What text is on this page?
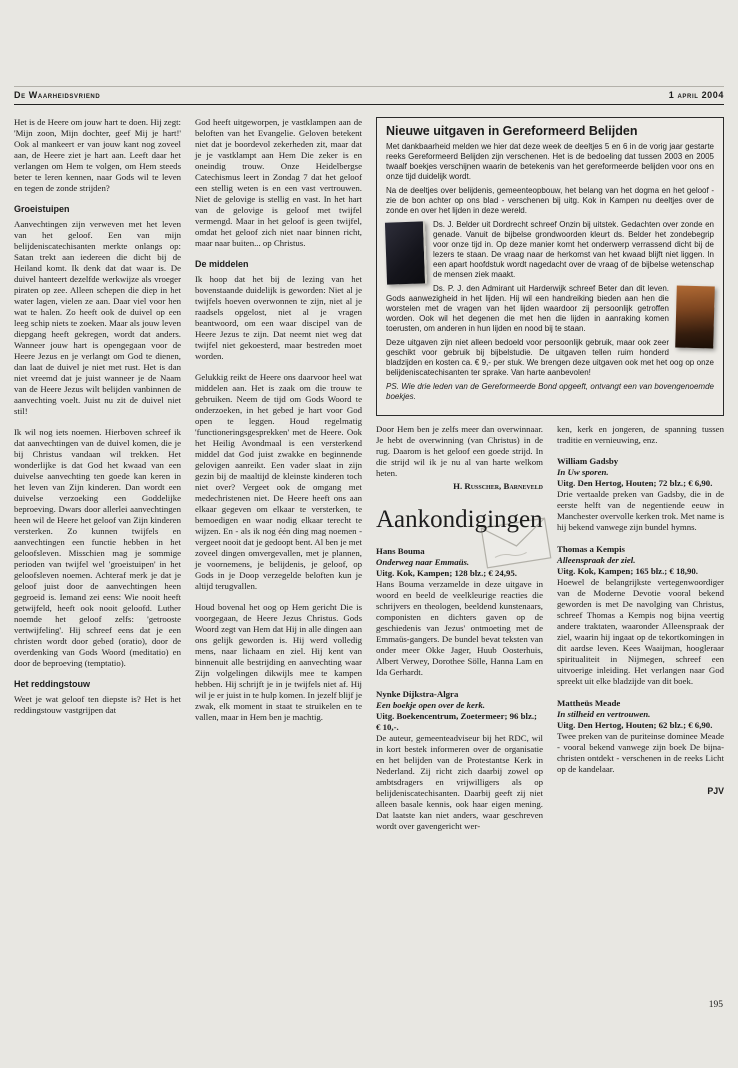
De Waarheidsvriend	1 april 2004

Het is de Heere om jouw hart te doen. Hij zegt: 'Mijn zoon, Mijn dochter, geef Mij je hart!' Ook al mankeert er van jouw kant nog zoveel aan, de Heere ziet je hart aan. Leeft daar het verlangen om Hem te volgen, om Hem steeds beter te leren kennen, naar Gods wil te leven en tegen de zonde strijden?

Groeistuipen

Aanvechtingen zijn verweven met het leven van het geloof. Een van mijn belijdeniscatechisanten merkte onlangs op: Satan trekt aan iedereen die dicht bij de Heiland komt. Ik denk dat dat waar is. De duivel hanteert dezelfde werkwijze als vroeger piraten op zee. Alleen schepen die diep in het water lagen, vielen ze aan. Daar viel voor hen wat te halen. Zo heeft ook de duivel op een leeg schip niets te zoeken. Maar als jouw leven diepgang heeft gekregen, wordt dat anders. Wanneer jouw hart is opengegaan voor de Heere Jezus en je verlangt om God te dienen, dan laat de duivel je niet met rust. Het is dan niet vreemd dat je juist wanneer je de Naam van de Heere Jezus wilt belijden vanbinnen de aanvechting voelt. Juist nu zit de duivel niet stil!

Ik wil nog iets noemen. Hierboven schreef ik dat aanvechtingen van de duivel komen, die je bij Christus vandaan wil trekken. Het wonderlijke is dat God het kwaad van een duivelse aanvechting ten goede kan keren in het leven van Zijn kinderen. Dan wordt een duivelse verzoeking een Goddelijke beproeving. Dwars door allerlei aanvechtingen heen wil de Heere het geloof van Zijn kinderen versterken. Zo kunnen twijfels en aanvechtingen een functie hebben in het geloofsleven. Misschien mag je sommige perioden van twijfel wel 'groeistuipen' in het geloofsleven noemen. Achteraf merk je dat je geloof juist door de aanvechtingen heen gegroeid is. Iemand zei eens: Wie nooit heeft getwijfeld, heeft ook nooit geloofd. Luther noemde het geloof zelfs: 'getrooste vertwijfeling'. Hij schreef eens dat je een christen wordt door gebed (oratio), door de overdenking van Gods Woord (meditatio) en door de beproeving (temptatio).

Het reddingstouw

Weet je wat geloof ten diepste is? Het is het reddingstouw vastgrijpen dat

God heeft uitgeworpen, je vastklampen aan de beloften van het Evangelie. Geloven betekent niet dat je boordevol zekerheden zit, maar dat je je vastklampt aan Hem Die zeker is en oneindig trouw. Onze Heidelbergse Catechismus leert in Zondag 7 dat het geloof een stellig weten is en een vast vertrouwen. Niet de gelovige is stellig en vast. In het hart van de gelovige is geloof met twijfel vermengd. Maar in het geloof is geen twijfel, omdat het geloof zich niet naar binnen richt, maar naar buiten... op Christus.

De middelen

Ik hoop dat het bij de lezing van het bovenstaande duidelijk is geworden: Niet al je twijfels hoeven overwonnen te zijn, niet al je raadsels opgelost, niet al je vragen beantwoord, om een waar discipel van de Heere Jezus te zijn. Dat neemt niet weg dat twijfel niet gekoesterd, maar bestreden moet worden.

Gelukkig reikt de Heere ons daarvoor heel wat middelen aan. Het is zaak om die trouw te gebruiken. Neem de tijd om Gods Woord te onderzoeken, in het gebed je hart voor God open te leggen. Houd regelmatig 'functioneringsgesprekken' met de Heere. Ook het Heilig Avondmaal is een versterkend middel dat God juist zwakke en beginnende gelovigen aanreikt. Een vader slaat in zijn gezin bij de maaltijd de kleinste kinderen toch niet over? Vergeet ook de omgang met medechristenen niet. De Heere heeft ons aan elkaar gegeven om elkaar te versterken, te bemoedigen en waar nodig elkaar terecht te wijzen. En - als ik nog één ding mag noemen - vergeet nooit dat je gedoopt bent. Al ben je met zoveel dingen omvergevallen, met je plannen, je voornemens, je belijdenis, je geloof, op Gods in je Doop verzegelde beloften kun je altijd terugvallen.

Houd bovenal het oog op Hem gericht Die is voorgegaan, de Heere Jezus Christus. Gods Woord zegt van Hem dat Hij in alle dingen aan ons gelijk geworden is. Hij werd volledig mens, naar lichaam en ziel. Hij kent van binnenuit alle bestrijding en aanvechting waar Zijn volgelingen dikwijls mee te kampen hebben. Hij schrijft je in je twijfels niet af. Hij wil je er juist in te hulp komen. In jezelf blijf je zwak, elk moment in staat te struikelen en te vallen, maar in Hem ben je machtig.

Nieuwe uitgaven in Gereformeerd Belijden

Met dankbaarheid melden we hier dat deze week de deeltjes 5 en 6 in de vorig jaar gestarte reeks Gereformeerd Belijden zijn verschenen. Het is de bedoeling dat tussen 2003 en 2005 twaalf boekjes verschijnen waarin de betekenis van het gereformeerde belijden voor ons en onze tijd duidelijk wordt.

Na de deeltjes over belijdenis, gemeenteopbouw, het belang van het dogma en het geloof - zie de bon achter op ons blad - verschenen bij uitg. Kok in Kampen nu deeltjes over de zonde en over het lijden in deze wereld.

Ds. J. Belder uit Dordrecht schreef Onzin bij uitstek. Gedachten over zonde en genade. Vanuit de bijbelse grondwoorden kleurt ds. Belder het zondebegrip voor onze tijd in. Op deze manier komt het onderwerp verrassend dicht bij de lezers te staan. De vraag naar de herkomst van het kwaad blijft niet liggen. In een apart hoofdstuk wordt nagedacht over de vraag of de bijbelse wetenschap de mensen ziek maakt.

Ds. P. J. den Admirant uit Harderwijk schreef Beter dan dit leven. Gods aanwezigheid in het lijden. Hij wil een handreiking bieden aan hen die worstelen met de vragen van het lijden waardoor zij persoonlijk getroffen worden. Ook wil het degenen die met hen die lijden in aanraking komen toerusten, om anderen in hun lijden en nood bij te staan.

Deze uitgaven zijn niet alleen bedoeld voor persoonlijk gebruik, maar ook zeer geschikt voor gebruik bij bijbelstudie. De uitgaven tellen ruim honderd bladzijden en kosten ca. € 9,- per stuk. We brengen deze uitgaven ook met het oog op onze belijdeniscatechisanten ter sprake. Van harte aanbevolen!

PS. Wie drie leden van de Gereformeerde Bond opgeeft, ontvangt een van bovengenoemde boekjes.

Door Hem ben je zelfs meer dan overwinnaar. Je hebt de overwinning (van Christus) in de rug. Daarom is het geloof een goede strijd. In die strijd wil ik je nu al van harte welkom heten.

H. Russcher, Barneveld
Aankondigingen
Hans Bouma
Onderweg naar Emmaüs.
Uitg. Kok, Kampen; 128 blz.; € 24,95.
Hans Bouma verzamelde in deze uitgave in woord en beeld de veelkleurige reacties die schrijvers en theologen, beeldend kunstenaars, componisten en dichters gaven op de geschiedenis van Jezus' ontmoeting met de Emmaüs-gangers. De bundel bevat teksten van onder meer Okke Jager, Huub Oosterhuis, Albert Verwey, Dorothee Sölle, Hanna Lam en Ida Gerhardt.
Nynke Dijkstra-Algra
Een boekje open over de kerk.
Uitg. Boekencentrum, Zoetermeer; 96 blz.; € 10,-.
De auteur, gemeenteadviseur bij het RDC, wil in kort bestek informeren over de organisatie en het belijden van de Protestantse Kerk in Nederland. Zij richt zich daarbij zowel op ambtsdragers en vrijwilligers als op belijdeniscatechisanten. Daarbij geeft zij niet alleen basale kennis, ook haar eigen mening. Dat laatste kan niet anders, waar geschreven wordt over gavengericht wer-

ken, kerk en jongeren, de spanning tussen traditie en vernieuwing, enz.

William Gadsby
In Uw sporen.
Uitg. Den Hertog, Houten; 72 blz.; € 6,90.
Drie vertaalde preken van Gadsby, die in de eerste helft van de negentiende eeuw in Manchester overvolle kerken trok. Met name is hij bekend vanwege zijn bundel hymns.
Thomas a Kempis
Alleenspraak der ziel.
Uitg. Kok, Kampen; 165 blz.; € 18,90.
Hoewel de belangrijkste vertegenwoordiger van de Moderne Devotie vooral bekend geworden is met De navolging van Christus, schreef Thomas a Kempis nog bijna veertig andere traktaten, waaronder Alleenspraak der ziel, waarin hij ingaat op de tekortkomingen in dit aardse leven. Kees Waaijman, hoogleraar spiritualiteit in Nijmegen, schreef een uitvoerige inleiding. Het verlangen naar God spreekt uit elke bladzijde van dit boek.
Mattheüs Meade
In stilheid en vertrouwen.
Uitg. Den Hertog, Houten; 62 blz.; € 6,90.
Twee preken van de puriteinse dominee Meade - vooral bekend vanwege zijn boek De bijna-christen ontdekt - verschenen in de reeks Licht op de kandelaar.
PJV
195
